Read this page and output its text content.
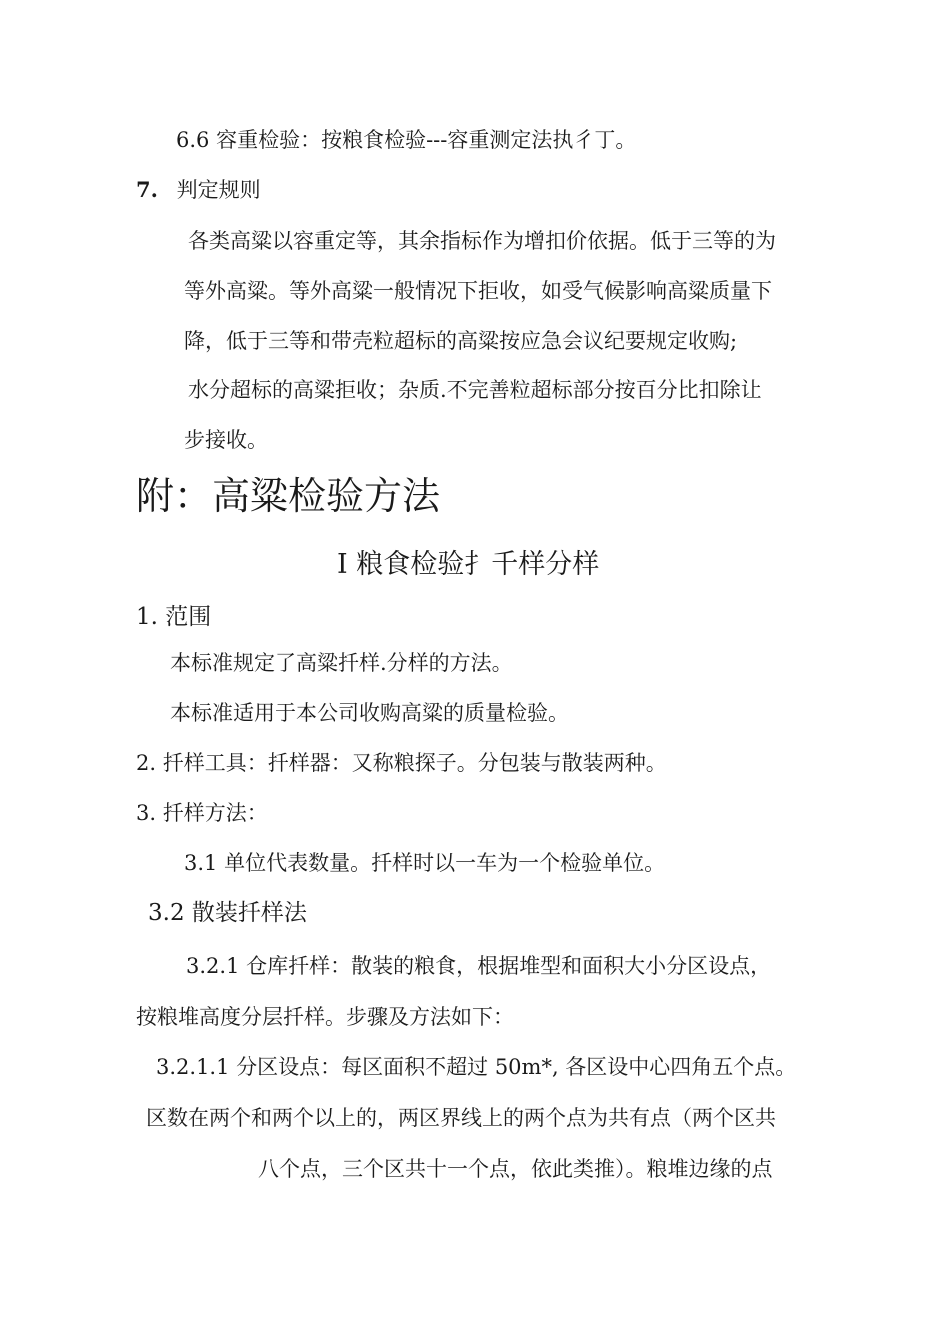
6.6 容重检验：按粮食检验---容重测定法执彳丁。
7. 判定规则
各类高粱以容重定等，其余指标作为增扣价依据。低于三等的为
等外高粱。等外高粱一般情况下拒收，如受气候影响高粱质量下
降，低于三等和带壳粒超标的高粱按应急会议纪要规定收购;
水分超标的高粱拒收；杂质.不完善粒超标部分按百分比扣除让
步接收。
附：高粱检验方法
I 粮食检验扌千样分样
1. 范围
本标准规定了高粱扦样.分样的方法。
本标准适用于本公司收购高粱的质量检验。
2. 扦样工具：扦样器：又称粮探子。分包装与散装两种。
3. 扦样方法：
3.1 单位代表数量。扦样时以一车为一个检验单位。
3.2 散装扦样法
3.2.1 仓库扦样：散装的粮食，根据堆型和面积大小分区设点，
按粮堆高度分层扦样。步骤及方法如下：
3.2.1.1 分区设点：每区面积不超过 50m*, 各区设中心四角五个点。
区数在两个和两个以上的，两区界线上的两个点为共有点（两个区共
八个点，三个区共十一个点，依此类推）。粮堆边缘的点
